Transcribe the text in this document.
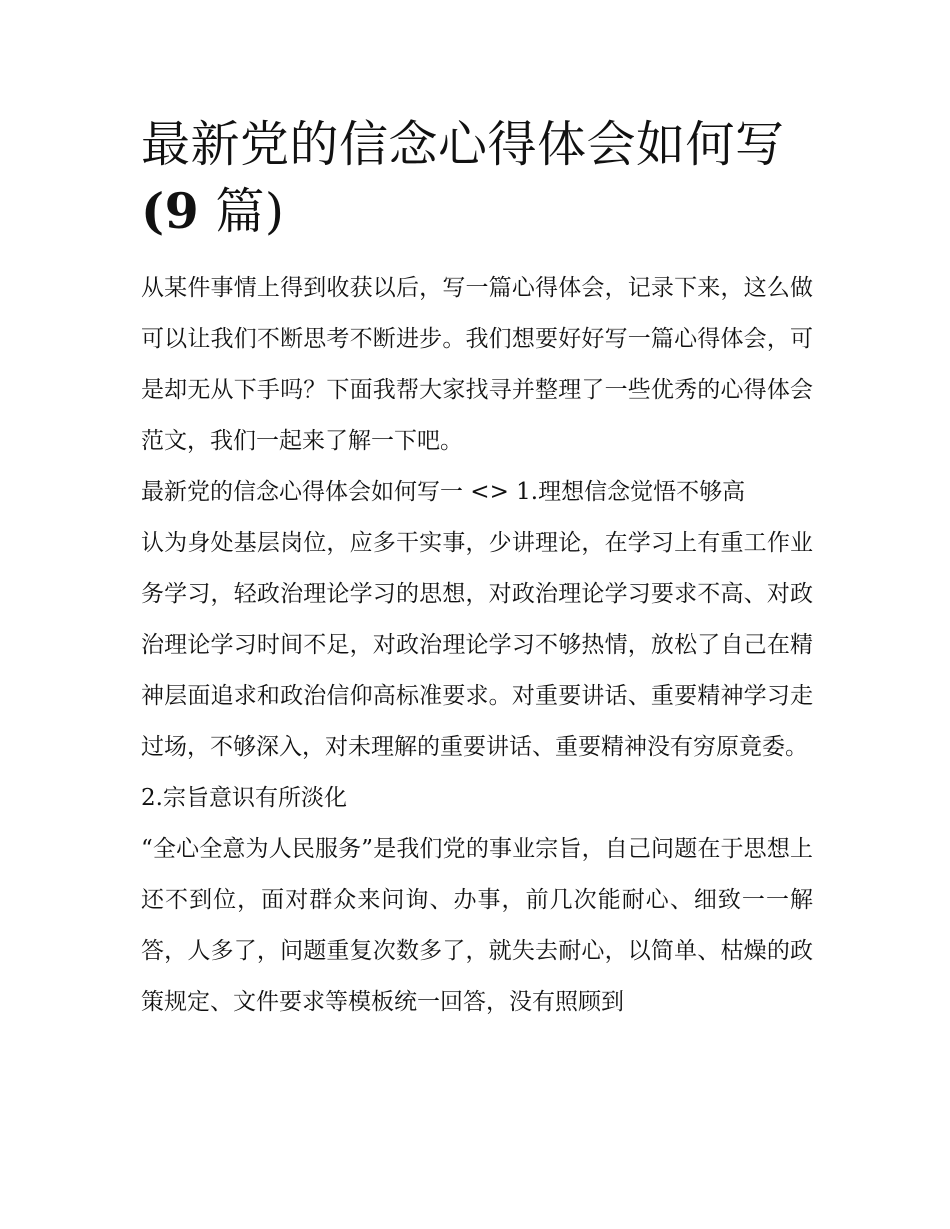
最新党的信念心得体会如何写
(9 篇)

从某件事情上得到收获以后，写一篇心得体会，记录下来，这么做可以让我们不断思考不断进步。我们想要好好写一篇心得体会，可是却无从下手吗？下面我帮大家找寻并整理了一些优秀的心得体会范文，我们一起来了解一下吧。

最新党的信念心得体会如何写一 <> 1.理想信念觉悟不够高

认为身处基层岗位，应多干实事，少讲理论，在学习上有重工作业务学习，轻政治理论学习的思想，对政治理论学习要求不高、对政治理论学习时间不足，对政治理论学习不够热情，放松了自己在精神层面追求和政治信仰高标准要求。对重要讲话、重要精神学习走过场，不够深入，对未理解的重要讲话、重要精神没有穷原竟委。

2.宗旨意识有所淡化

“全心全意为人民服务”是我们党的事业宗旨，自己问题在于思想上还不到位，面对群众来问询、办事，前几次能耐心、细致一一解答，人多了，问题重复次数多了，就失去耐心，以简单、枯燥的政策规定、文件要求等模板统一回答，没有照顾到
